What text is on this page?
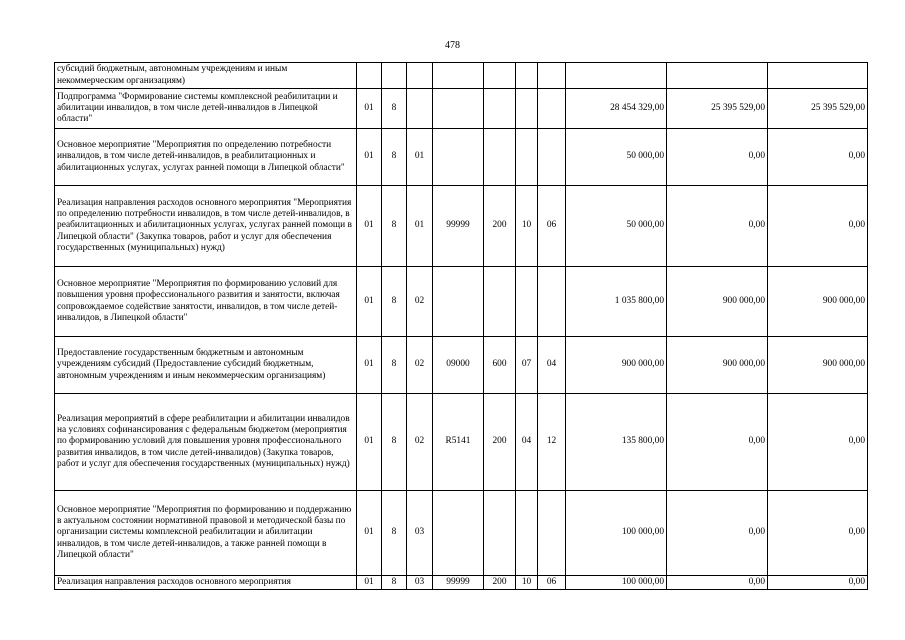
478
субсидий бюджетным, автономным учреждениям и иным некоммерческим организациям)										
Подпрограмма "Формирование системы комплексной реабилитации и абилитации инвалидов, в том числе детей-инвалидов в Липецкой области"	01	8						28 454 329,00	25 395 529,00	25 395 529,00
Основное мероприятие "Мероприятия по определению потребности инвалидов, в том числе детей-инвалидов, в реабилитационных и абилитационных услугах, услугах ранней помощи в Липецкой области"	01	8	01					50 000,00	0,00	0,00
Реализация направления расходов основного мероприятия "Мероприятия по определению потребности инвалидов, в том числе детей-инвалидов, в реабилитационных и абилитационных услугах, услугах ранней помощи в Липецкой области" (Закупка товаров, работ и услуг для обеспечения государственных (муниципальных) нужд)	01	8	01	99999	200	10	06	50 000,00	0,00	0,00
Основное мероприятие "Мероприятия по формированию условий для повышения уровня профессионального развития и занятости, включая сопровождаемое содействие занятости, инвалидов, в том числе детей-инвалидов, в Липецкой области"	01	8	02					1 035 800,00	900 000,00	900 000,00
Предоставление государственным бюджетным и автономным учреждениям субсидий (Предоставление субсидий бюджетным, автономным учреждениям и иным некоммерческим организациям)	01	8	02	09000	600	07	04	900 000,00	900 000,00	900 000,00
Реализация мероприятий в сфере реабилитации и абилитации инвалидов на условиях софинансирования с федеральным бюджетом (мероприятия по формированию условий для повышения уровня профессионального развития инвалидов, в том числе детей-инвалидов) (Закупка товаров, работ и услуг для обеспечения государственных (муниципальных) нужд)	01	8	02	R5141	200	04	12	135 800,00	0,00	0,00
Основное мероприятие "Мероприятия по формированию и поддержанию в актуальном состоянии нормативной правовой и методической базы по организации системы комплексной реабилитации и абилитации инвалидов, в том числе детей-инвалидов, а также ранней помощи в Липецкой области"	01	8	03					100 000,00	0,00	0,00
Реализация направления расходов основного мероприятия	01	8	03	99999	200	10	06	100 000,00	0,00	0,00
